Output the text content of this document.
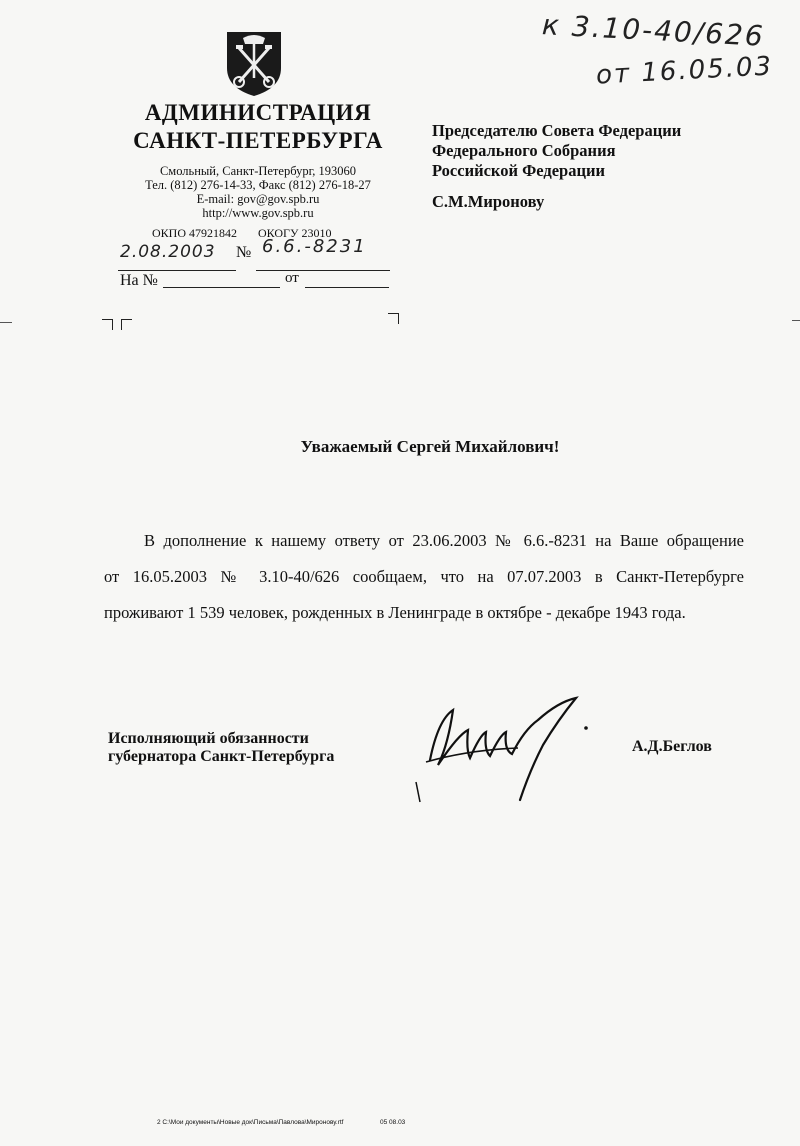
АДМИНИСТРАЦИЯ
САНКТ-ПЕТЕРБУРГА
Смольный, Санкт-Петербург, 193060
Тел. (812) 276-14-33, Факс (812) 276-18-27
E-mail: gov@gov.spb.ru
http://www.gov.spb.ru
ОКПО 47921842 ОКОГУ 23010
2.08.2003 № 6.6.-8231
На №	от
к 3.10-40/626
от 16.05.03
Председателю Совета Федерации
Федерального Собрания
Российской Федерации
С.М.Миронову
Уважаемый Сергей Михайлович!
В дополнение к нашему ответу от 23.06.2003 № 6.6.-8231 на Ваше обращение
от 16.05.2003 № 3.10-40/626 сообщаем, что на 07.07.2003 в Санкт-Петербурге
проживают 1 539 человек, рожденных в Ленинграде в октябре - декабре 1943 года.
Исполняющий обязанности
губернатора Санкт-Петербурга
А.Д.Беглов
2 C:\Мои документы\Новые док\Письма\Павлова\Миронову.rtf	05 08.03
